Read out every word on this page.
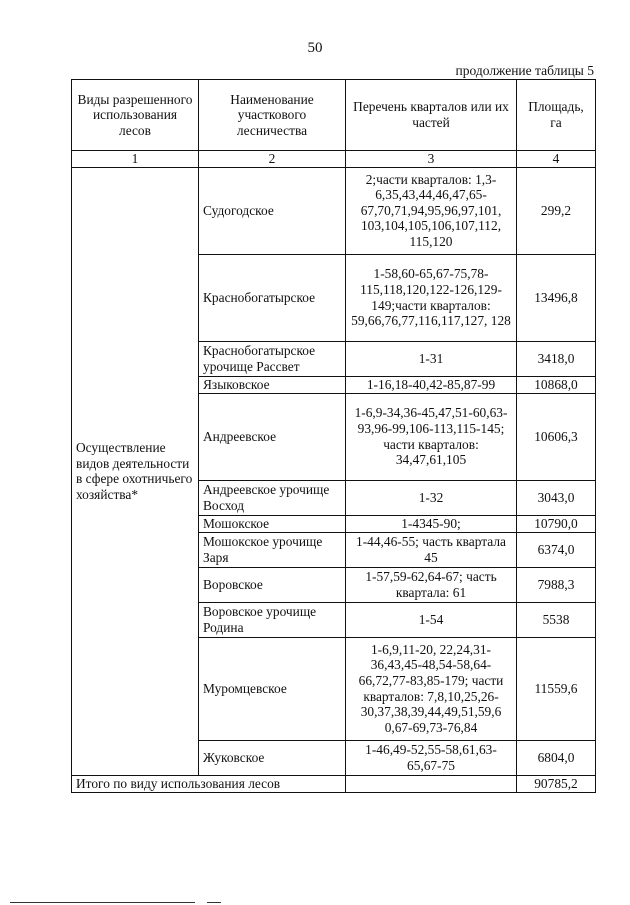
50
продолжение таблицы 5
Виды разрешенного использования лесов	Наименование участкового лесничества	Перечень кварталов или их частей	Площадь, га
1	2	3	4
Осуществление видов деятельности в сфере охотничьего хозяйства*	Судогодское	2;части кварталов: 1,3-6,35,43,44,46,47,65-67,70,71,94,95,96,97,101, 103,104,105,106,107,112, 115,120	299,2
	Краснобогатырское	1-58,60-65,67-75,78-115,118,120,122-126,129-149;части кварталов: 59,66,76,77,116,117,127, 128	13496,8
	Краснобогатырское урочище Рассвет	1-31	3418,0
	Языковское	1-16,18-40,42-85,87-99	10868,0
	Андреевское	1-6,9-34,36-45,47,51-60,63-93,96-99,106-113,115-145; части кварталов: 34,47,61,105	10606,3
	Андреевское урочище Восход	1-32	3043,0
	Мошокское	1-4345-90;	10790,0
	Мошокское урочище Заря	1-44,46-55; часть квартала 45	6374,0
	Воровское	1-57,59-62,64-67; часть квартала: 61	7988,3
	Воровское урочище Родина	1-54	5538
	Муромцевское	1-6,9,11-20, 22,24,31-36,43,45-48,54-58,64-66,72,77-83,85-179; части кварталов: 7,8,10,25,26-30,37,38,39,44,49,51,59,6 0,67-69,73-76,84	11559,6
	Жуковское	1-46,49-52,55-58,61,63-65,67-75	6804,0
Итого по виду использования лесов			90785,2
